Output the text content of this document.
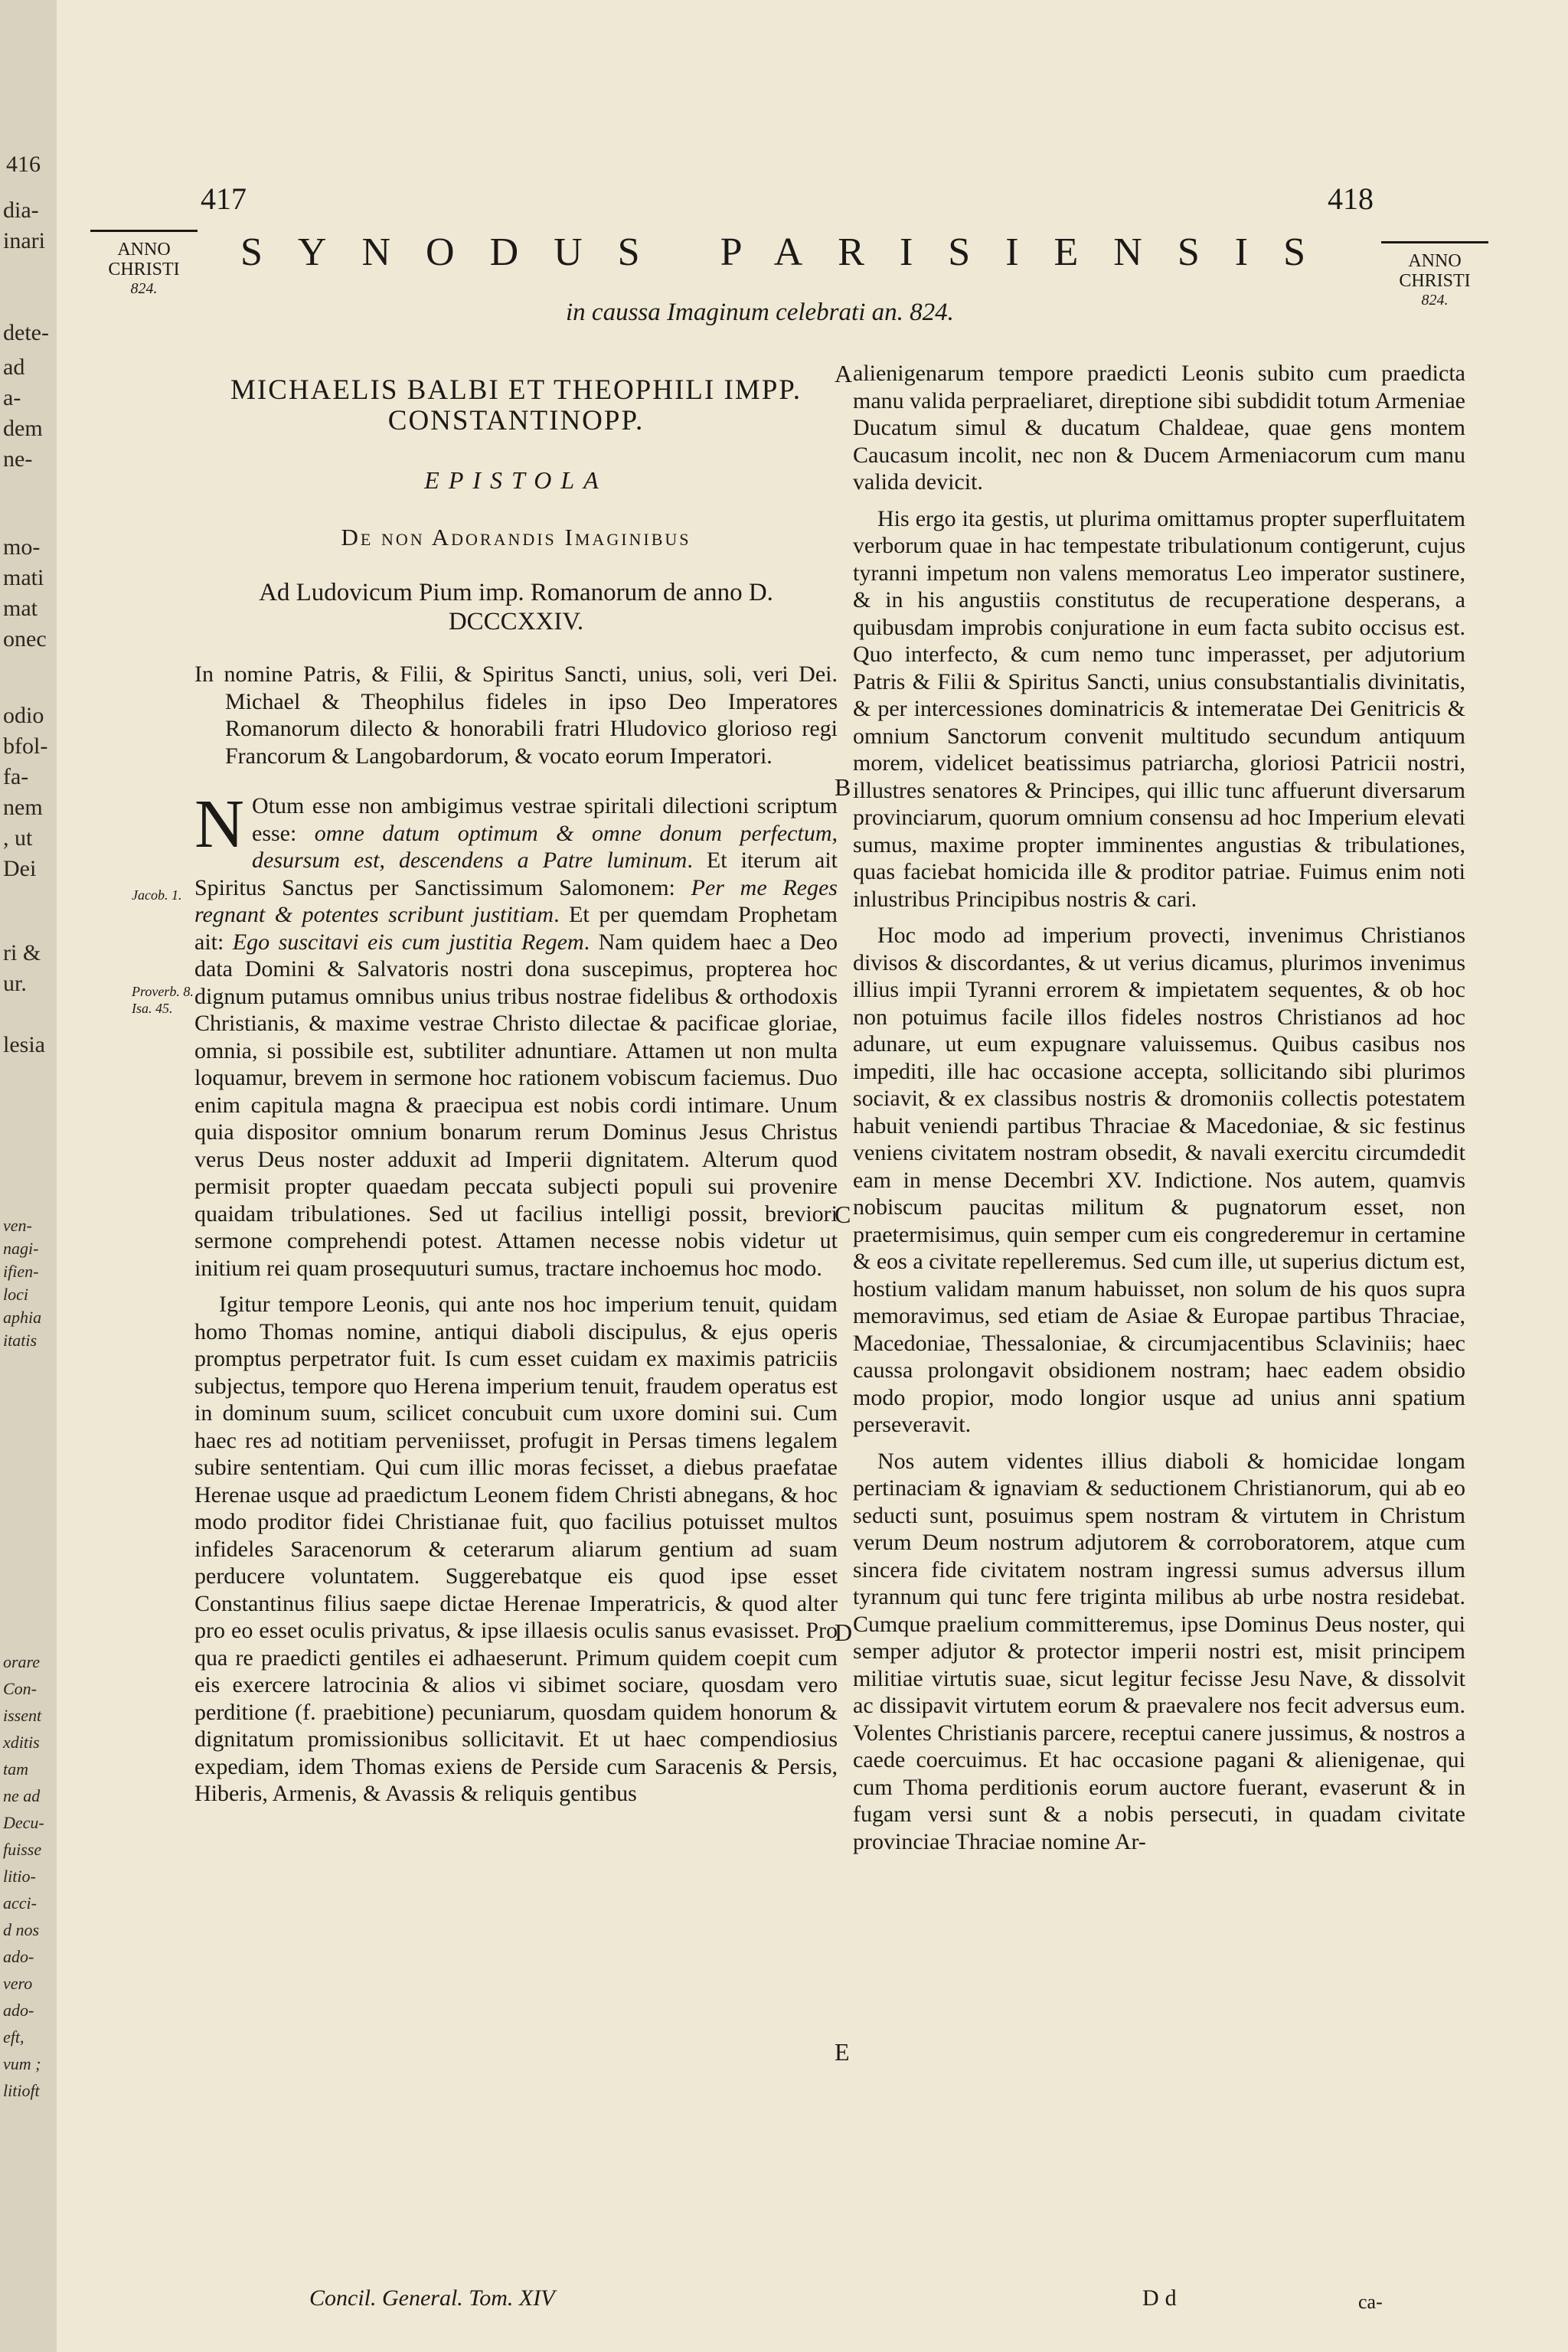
416
dia-
inari
dete-
ad
a-
dem
ne-
mo-
mati
mat
onec
odio
bfol-
fa-
nem
, ut
Dei
ri &
ur.
lesia
ven-
nagi-
ifien-
loci
aphia
itatis
orare
Con-
issent
xditis
tam
ne ad
Decu-
fuisse
litio-
acci-
d nos
ado-
vero
ado-
eft,
vum ;
litioft
417	418
ANNO
CHRISTI
824.
ANNO
CHRISTI
824.
SYNODUS PARISIENSIS
in caussa Imaginum celebrati an. 824.
MICHAELIS BALBI ET THEOPHILI IMPP. CONSTANTINOPP.
EPISTOLA
De non Adorandis Imaginibus
Ad Ludovicum Pium imp. Romanorum de anno D. DCCCXXIV.

In nomine Patris, & Filii, & Spiritus Sancti, unius, soli, veri Dei. Michael & Theophilus fideles in ipso Deo Imperatores Romanorum dilecto & honorabili fratri Hludovico glorioso regi Francorum & Langobardorum, & vocato eorum Imperatori.

N Otum esse non ambigimus vestrae spiritali dilectioni scriptum esse: omne datum optimum & omne donum perfectum, desursum est, descendens a Patre luminum. Et iterum ait Spiritus Sanctus per Sanctissimum Salomonem: Per me Reges regnant & potentes scribunt justitiam. Et per quemdam Prophetam ait: Ego suscitavi eis cum justitia Regem. Nam quidem haec a Deo data Domini & Salvatoris nostri dona suscepimus, propterea hoc dignum putamus omnibus unius tribus nostrae fidelibus & orthodoxis Christianis, & maxime vestrae Christo dilectae & pacificae gloriae, omnia, si possibile est, subtiliter adnuntiare. Attamen ut non multa loquamur, brevem in sermone hoc rationem vobiscum faciemus. Duo enim capitula magna & praecipua est nobis cordi intimare. Unum quia dispositor omnium bonarum rerum Dominus Jesus Christus verus Deus noster adduxit ad Imperii dignitatem. Alterum quod permisit propter quaedam peccata subjecti populi sui provenire quaidam tribulationes. Sed ut facilius intelligi possit, breviori sermone comprehendi potest. Attamen necesse nobis videtur ut initium rei quam prosequuturi sumus, tractare inchoemus hoc modo.

Igitur tempore Leonis, qui ante nos hoc imperium tenuit, quidam homo Thomas nomine, antiqui diaboli discipulus, & ejus operis promptus perpetrator fuit. Is cum esset cuidam ex maximis patriciis subjectus, tempore quo Herena imperium tenuit, fraudem operatus est in dominum suum, scilicet concubuit cum uxore domini sui. Cum haec res ad notitiam perveniisset, profugit in Persas timens legalem subire sententiam. Qui cum illic moras fecisset, a diebus praefatae Herenae usque ad praedictum Leonem fidem Christi abnegans, & hoc modo proditor fidei Christianae fuit, quo facilius potuisset multos infideles Saracenorum & ceterarum aliarum gentium ad suam perducere voluntatem. Suggerebatque eis quod ipse esset Constantinus filius saepe dictae Herenae Imperatricis, & quod alter pro eo esset oculis privatus, & ipse illaesis oculis sanus evasisset. Pro qua re praedicti gentiles ei adhaeserunt. Primum quidem coepit cum eis exercere latrocinia & alios vi sibimet sociare, quosdam vero perditione (f. praebitione) pecuniarum, quosdam quidem honorum & dignitatum promissionibus sollicitavit. Et ut haec compendiosius expediam, idem Thomas exiens de Perside cum Saracenis & Persis, Hiberis, Armenis, & Avassis & reliquis gentibus

Jacob. 1.
Proverb. 8.
Isa. 45.
A
B
C
D
E

alienigenarum tempore praedicti Leonis subito cum praedicta manu valida perpraeliaret, direptione sibi subdidit totum Armeniae Ducatum simul & ducatum Chaldeae, quae gens montem Caucasum incolit, nec non & Ducem Armeniacorum cum manu valida devicit.

His ergo ita gestis, ut plurima omittamus propter superfluitatem verborum quae in hac tempestate tribulationum contigerunt, cujus tyranni impetum non valens memoratus Leo imperator sustinere, & in his angustiis constitutus de recuperatione desperans, a quibusdam improbis conjuratione in eum facta subito occisus est. Quo interfecto, & cum nemo tunc imperasset, per adjutorium Patris & Filii & Spiritus Sancti, unius consubstantialis divinitatis, & per intercessiones dominatricis & intemeratae Dei Genitricis & omnium Sanctorum convenit multitudo secundum antiquum morem, videlicet beatissimus patriarcha, gloriosi Patricii nostri, illustres senatores & Principes, qui illic tunc affuerunt diversarum provinciarum, quorum omnium consensu ad hoc Imperium elevati sumus, maxime propter imminentes angustias & tribulationes, quas faciebat homicida ille & proditor patriae. Fuimus enim noti inlustribus Principibus nostris & cari.

Hoc modo ad imperium provecti, invenimus Christianos divisos & discordantes, & ut verius dicamus, plurimos invenimus illius impii Tyranni errorem & impietatem sequentes, & ob hoc non potuimus facile illos fideles nostros Christianos ad hoc adunare, ut eum expugnare valuissemus. Quibus casibus nos impediti, ille hac occasione accepta, sollicitando sibi plurimos sociavit, & ex classibus nostris & dromoniis collectis potestatem habuit veniendi partibus Thraciae & Macedoniae, & sic festinus veniens civitatem nostram obsedit, & navali exercitu circumdedit eam in mense Decembri XV. Indictione. Nos autem, quamvis nobiscum paucitas militum & pugnatorum esset, non praetermisimus, quin semper cum eis congrederemur in certamine & eos a civitate repelleremus. Sed cum ille, ut superius dictum est, hostium validam manum habuisset, non solum de his quos supra memoravimus, sed etiam de Asiae & Europae partibus Thraciae, Macedoniae, Thessaloniae, & circumjacentibus Sclaviniis; haec caussa prolongavit obsidionem nostram; haec eadem obsidio modo propior, modo longior usque ad unius anni spatium perseveravit.

Nos autem videntes illius diaboli & homicidae longam pertinaciam & ignaviam & seductionem Christianorum, qui ab eo seducti sunt, posuimus spem nostram & virtutem in Christum verum Deum nostrum adjutorem & corroboratorem, atque cum sincera fide civitatem nostram ingressi sumus adversus illum tyrannum qui tunc fere triginta milibus ab urbe nostra residebat. Cumque praelium committeremus, ipse Dominus Deus noster, qui semper adjutor & protector imperii nostri est, misit principem militiae virtutis suae, sicut legitur fecisse Jesu Nave, & dissolvit ac dissipavit virtutem eorum & praevalere nos fecit adversus eum. Volentes Christianis parcere, receptui canere jussimus, & nostros a caede coercuimus. Et hac occasione pagani & alienigenae, qui cum Thoma perditionis eorum auctore fuerant, evaserunt & in fugam versi sunt & a nobis persecuti, in quadam civitate provinciae Thraciae nomine Ar-

Concil. General. Tom. XIV	Dd	ca-
